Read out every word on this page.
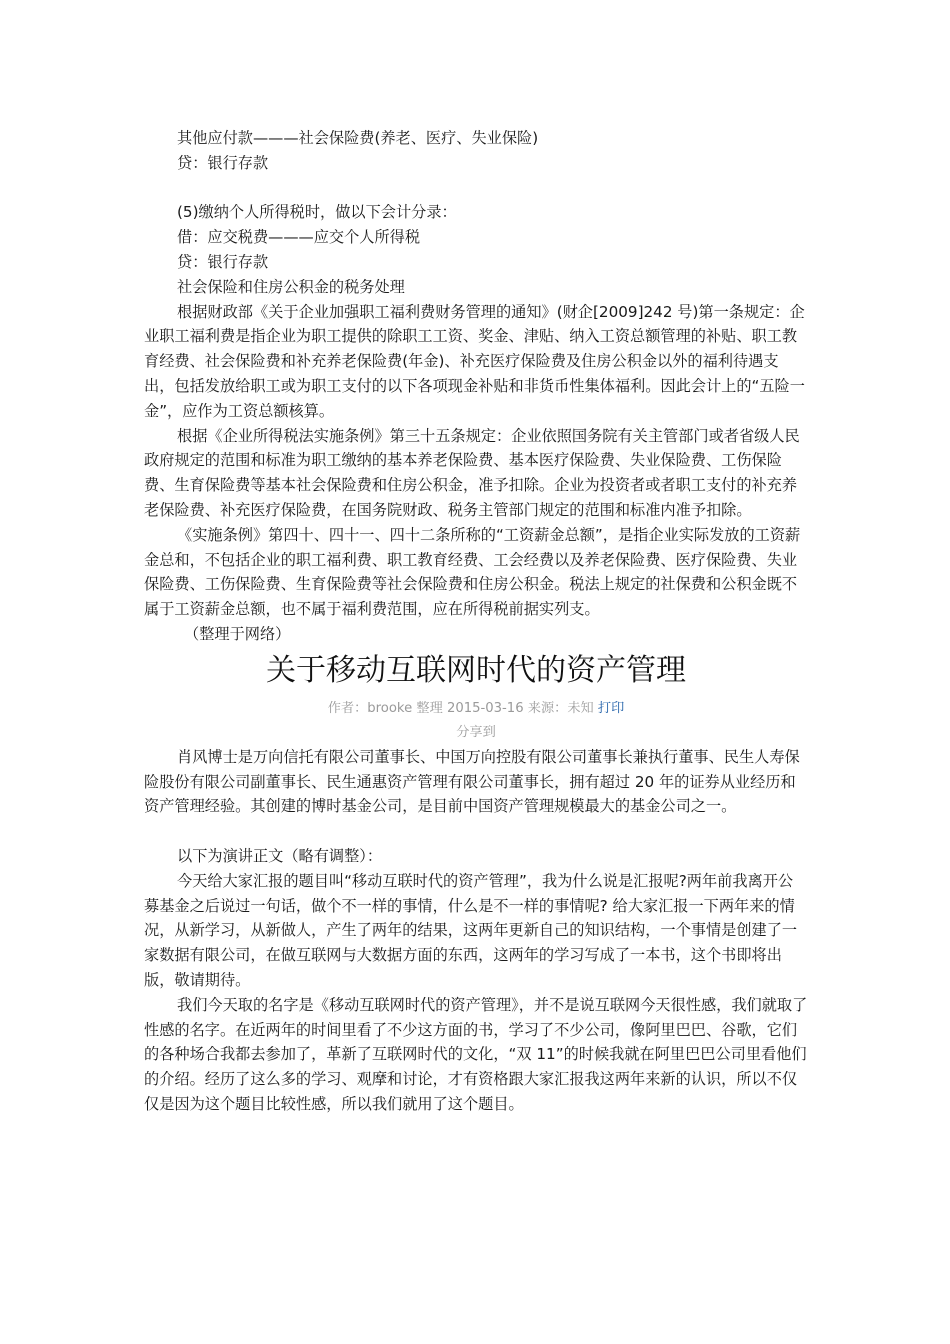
其他应付款———社会保险费(养老、医疗、失业保险)

贷：银行存款

(5)缴纳个人所得税时，做以下会计分录：

借：应交税费———应交个人所得税

贷：银行存款

社会保险和住房公积金的税务处理

根据财政部《关于企业加强职工福利费财务管理的通知》(财企[2009]242 号)第一条规定：企业职工福利费是指企业为职工提供的除职工工资、奖金、津贴、纳入工资总额管理的补贴、职工教育经费、社会保险费和补充养老保险费(年金)、补充医疗保险费及住房公积金以外的福利待遇支出，包括发放给职工或为职工支付的以下各项现金补贴和非货币性集体福利。因此会计上的“五险一金”，应作为工资总额核算。

根据《企业所得税法实施条例》第三十五条规定：企业依照国务院有关主管部门或者省级人民政府规定的范围和标准为职工缴纳的基本养老保险费、基本医疗保险费、失业保险费、工伤保险费、生育保险费等基本社会保险费和住房公积金，准予扣除。企业为投资者或者职工支付的补充养老保险费、补充医疗保险费，在国务院财政、税务主管部门规定的范围和标准内准予扣除。

《实施条例》第四十、四十一、四十二条所称的“工资薪金总额”，是指企业实际发放的工资薪金总和，不包括企业的职工福利费、职工教育经费、工会经费以及养老保险费、医疗保险费、失业保险费、工伤保险费、生育保险费等社会保险费和住房公积金。税法上规定的社保费和公积金既不属于工资薪金总额，也不属于福利费范围，应在所得税前据实列支。

（整理于网络）

关于移动互联网时代的资产管理
作者：brooke 整理 2015-03-16 来源：未知 打印
分享到

肖风博士是万向信托有限公司董事长、中国万向控股有限公司董事长兼执行董事、民生人寿保险股份有限公司副董事长、民生通惠资产管理有限公司董事长，拥有超过 20 年的证券从业经历和资产管理经验。其创建的博时基金公司，是目前中国资产管理规模最大的基金公司之一。

以下为演讲正文（略有调整）：

今天给大家汇报的题目叫“移动互联时代的资产管理”，我为什么说是汇报呢?两年前我离开公募基金之后说过一句话，做个不一样的事情，什么是不一样的事情呢? 给大家汇报一下两年来的情况，从新学习，从新做人，产生了两年的结果，这两年更新自己的知识结构，一个事情是创建了一家数据有限公司，在做互联网与大数据方面的东西，这两年的学习写成了一本书，这个书即将出版，敬请期待。

我们今天取的名字是《移动互联网时代的资产管理》，并不是说互联网今天很性感，我们就取了性感的名字。在近两年的时间里看了不少这方面的书，学习了不少公司，像阿里巴巴、谷歌，它们的各种场合我都去参加了，革新了互联网时代的文化，“双 11”的时候我就在阿里巴巴公司里看他们的介绍。经历了这么多的学习、观摩和讨论，才有资格跟大家汇报我这两年来新的认识，所以不仅仅是因为这个题目比较性感，所以我们就用了这个题目。
